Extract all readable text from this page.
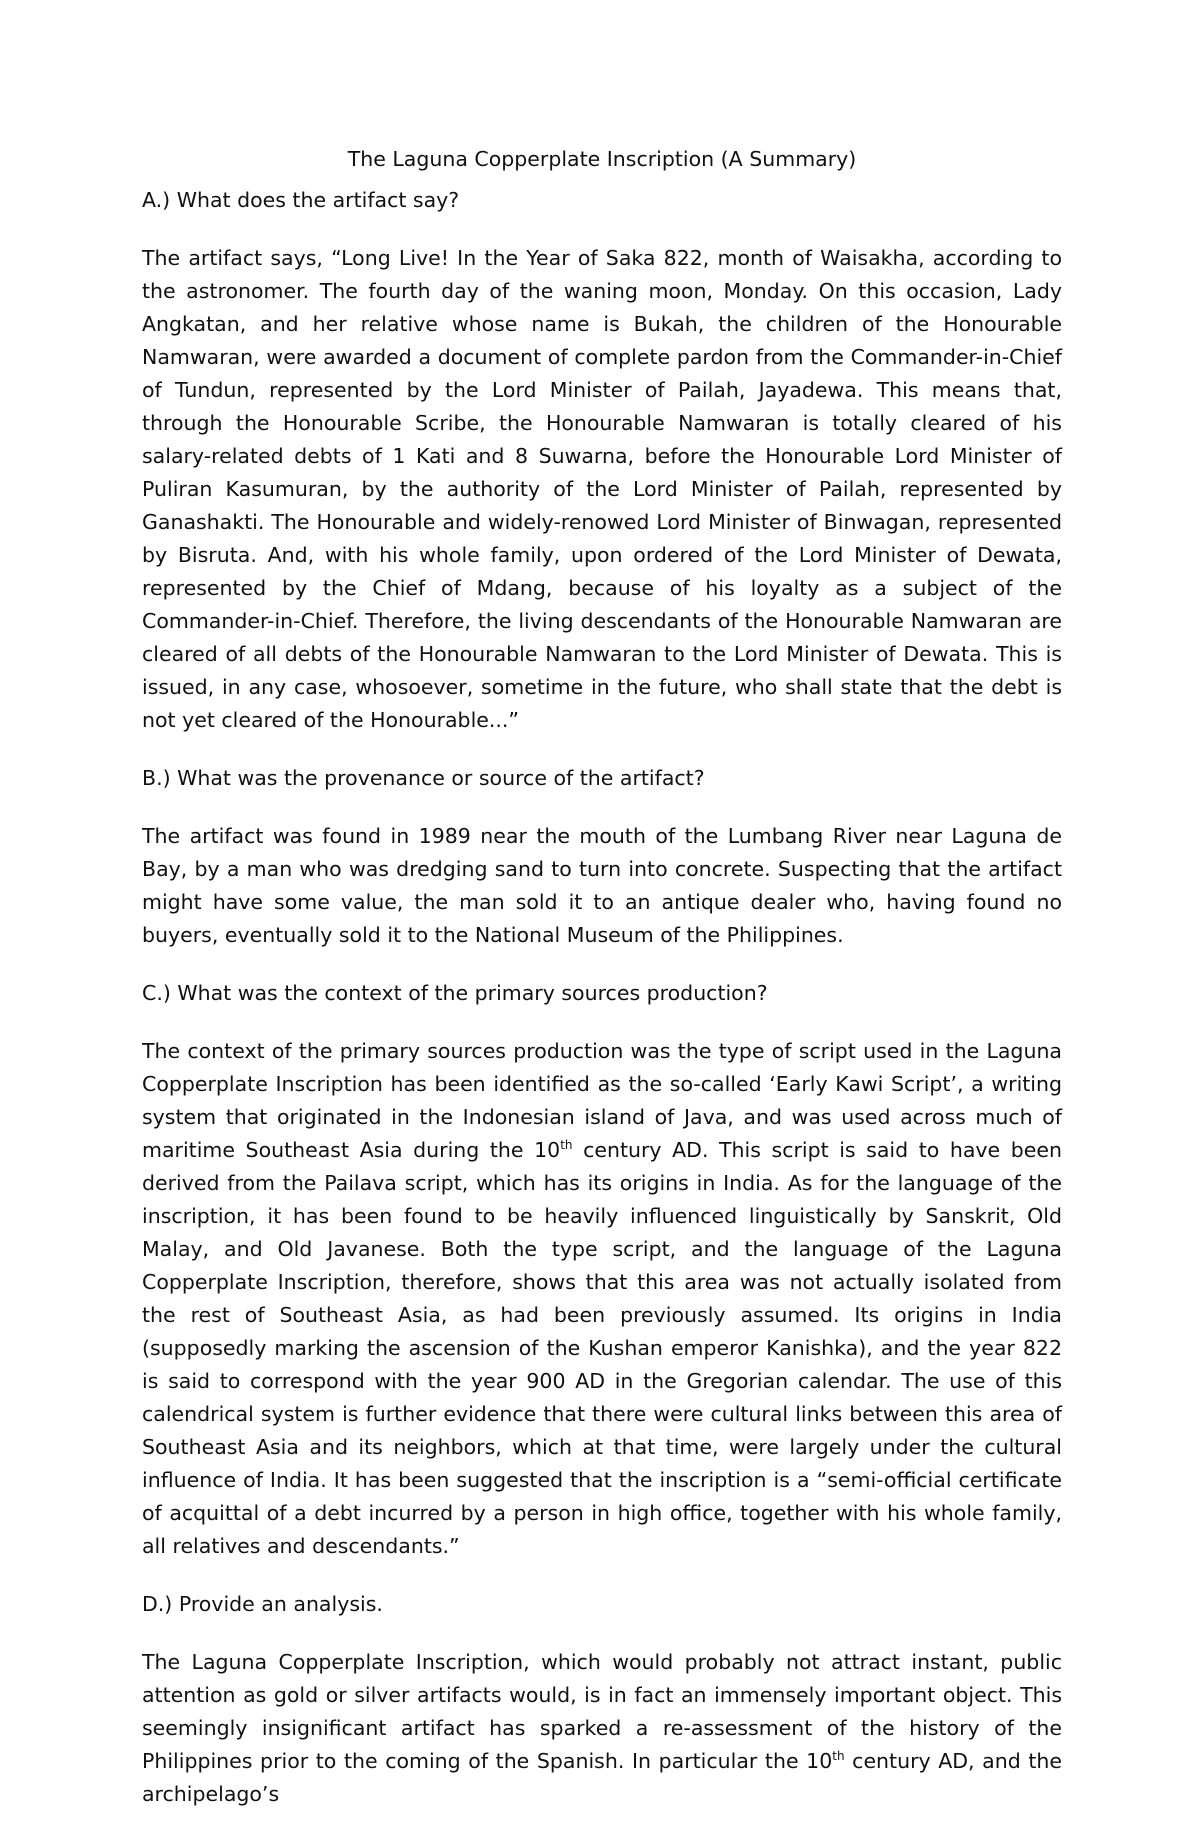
The Laguna Copperplate Inscription (A Summary)

A.) What does the artifact say?

The artifact says, “Long Live! In the Year of Saka 822, month of Waisakha, according to the astronomer. The fourth day of the waning moon, Monday. On this occasion, Lady Angkatan, and her relative whose name is Bukah, the children of the Honourable Namwaran, were awarded a document of complete pardon from the Commander-in-Chief of Tundun, represented by the Lord Minister of Pailah, Jayadewa. This means that, through the Honourable Scribe, the Honourable Namwaran is totally cleared of his salary-related debts of 1 Kati and 8 Suwarna, before the Honourable Lord Minister of Puliran Kasumuran, by the authority of the Lord Minister of Pailah, represented by Ganashakti. The Honourable and widely-renowed Lord Minister of Binwagan, represented by Bisruta. And, with his whole family, upon ordered of the Lord Minister of Dewata, represented by the Chief of Mdang, because of his loyalty as a subject of the Commander-in-Chief. Therefore, the living descendants of the Honourable Namwaran are cleared of all debts of the Honourable Namwaran to the Lord Minister of Dewata. This is issued, in any case, whosoever, sometime in the future, who shall state that the debt is not yet cleared of the Honourable...”

B.) What was the provenance or source of the artifact?

The artifact was found in 1989 near the mouth of the Lumbang River near Laguna de Bay, by a man who was dredging sand to turn into concrete. Suspecting that the artifact might have some value, the man sold it to an antique dealer who, having found no buyers, eventually sold it to the National Museum of the Philippines.

C.) What was the context of the primary sources production?

The context of the primary sources production was the type of script used in the Laguna Copperplate Inscription has been identified as the so-called ‘Early Kawi Script’, a writing system that originated in the Indonesian island of Java, and was used across much of maritime Southeast Asia during the 10th century AD. This script is said to have been derived from the Pailava script, which has its origins in India. As for the language of the inscription, it has been found to be heavily influenced linguistically by Sanskrit, Old Malay, and Old Javanese. Both the type script, and the language of the Laguna Copperplate Inscription, therefore, shows that this area was not actually isolated from the rest of Southeast Asia, as had been previously assumed. Its origins in India (supposedly marking the ascension of the Kushan emperor Kanishka), and the year 822 is said to correspond with the year 900 AD in the Gregorian calendar. The use of this calendrical system is further evidence that there were cultural links between this area of Southeast Asia and its neighbors, which at that time, were largely under the cultural influence of India. It has been suggested that the inscription is a “semi-official certificate of acquittal of a debt incurred by a person in high office, together with his whole family, all relatives and descendants.”

D.) Provide an analysis.

The Laguna Copperplate Inscription, which would probably not attract instant, public attention as gold or silver artifacts would, is in fact an immensely important object. This seemingly insignificant artifact has sparked a re-assessment of the history of the Philippines prior to the coming of the Spanish. In particular the 10th century AD, and the archipelago’s
